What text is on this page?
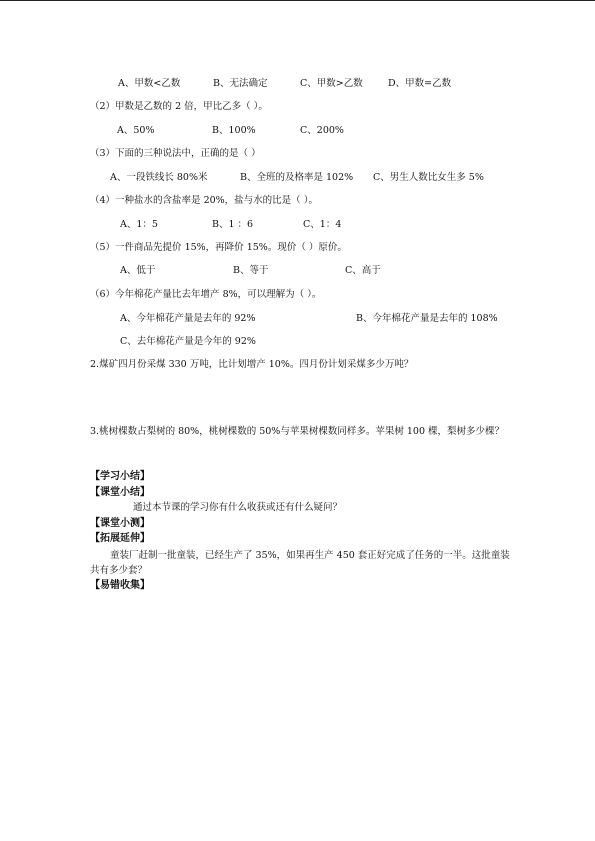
A、甲数<乙数	B、无法确定	C、甲数>乙数	D、甲数=乙数
（2）甲数是乙数的 2 倍，甲比乙多（ ）。
A、50%	B、100%	C、200%
（3）下面的三种说法中，正确的是（ ）
A、一段铁线长 80%米	B、全班的及格率是 102% C、男生人数比女生多 5%
（4）一种盐水的含盐率是 20%，盐与水的比是（ ）。
A、1：5	B、1 ：6	C、1：4
（5）一件商品先提价 15%，再降价 15%。现价（ ）原价。
A、低于	B、等于	C、高于
（6）今年棉花产量比去年增产 8%，可以理解为（ ）。
A、今年棉花产量是去年的 92%	B、今年棉花产量是去年的 108%
C、去年棉花产量是今年的 92%
2.煤矿四月份采煤 330 万吨，比计划增产 10%。四月份计划采煤多少万吨？
3.桃树棵数占梨树的 80%，桃树棵数的 50%与苹果树棵数同样多。苹果树 100 棵，梨树多少棵？
【学习小结】
【课堂小结】
通过本节课的学习你有什么收获或还有什么疑问？
【课堂小测】
【拓展延伸】
童装厂赶制一批童装，已经生产了 35%，如果再生产 450 套正好完成了任务的一半。这批童装共有多少套？
【易错收集】
